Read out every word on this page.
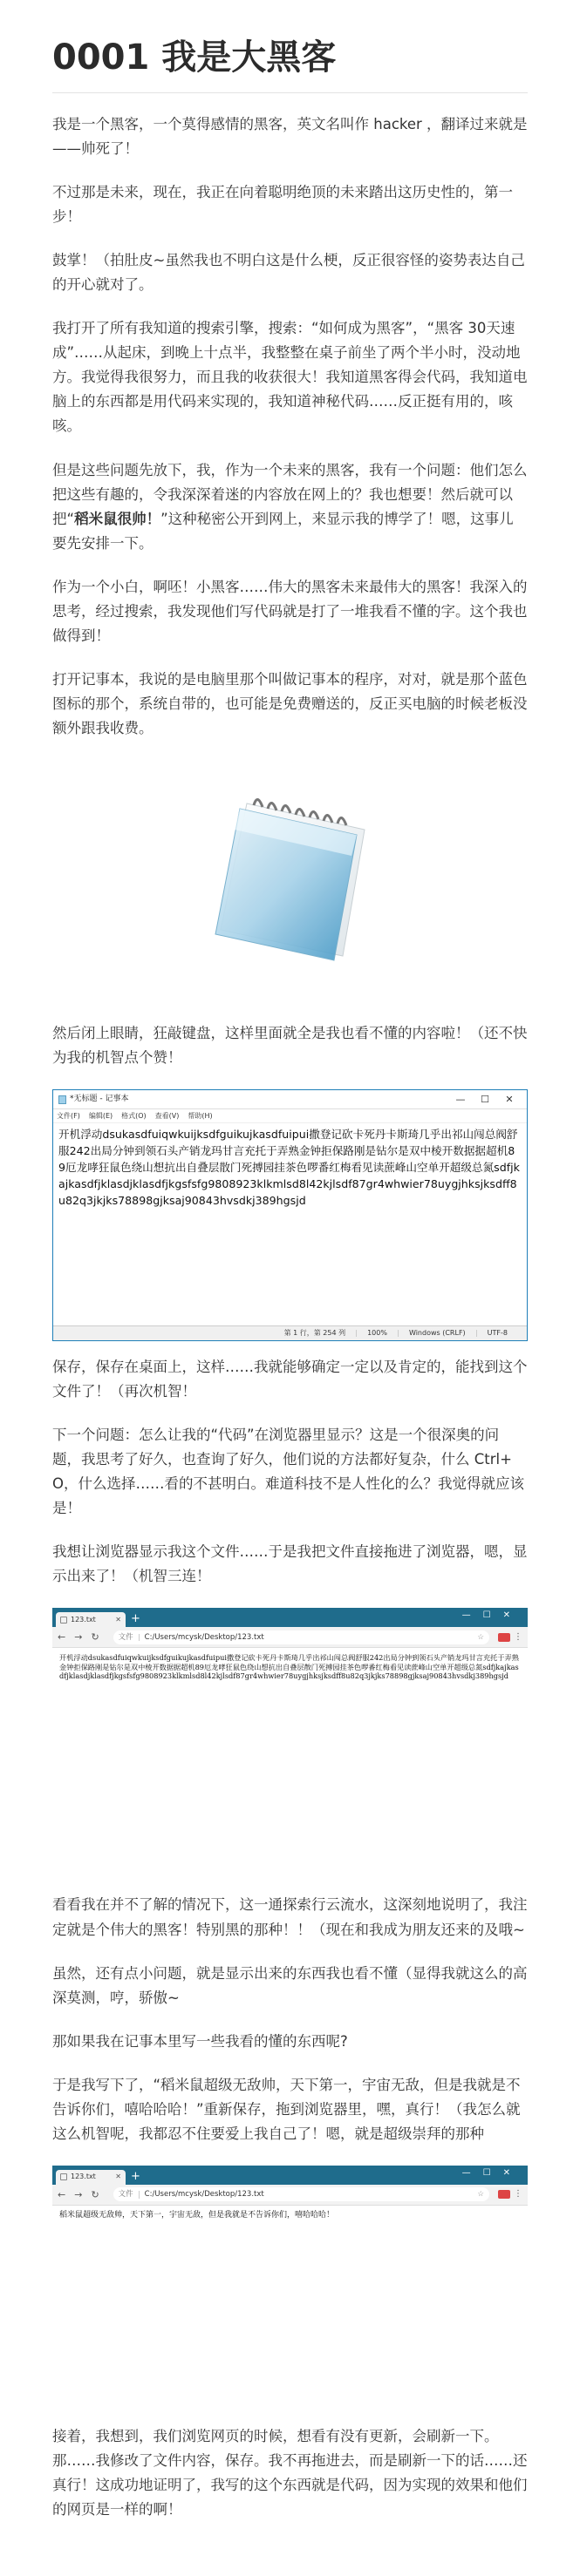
0001 我是大黑客

我是一个黑客，一个莫得感情的黑客，英文名叫作 hacker ，翻译过来就是——帅死了！

不过那是未来，现在，我正在向着聪明绝顶的未来踏出这历史性的，第一步！

鼓掌！（拍肚皮~虽然我也不明白这是什么梗，反正很容怪的姿势表达自己的开心就对了。

我打开了所有我知道的搜索引擎，搜索：“如何成为黑客”，“黑客 30天速成”……从起床，到晚上十点半，我整整在桌子前坐了两个半小时，没动地方。我觉得我很努力，而且我的收获很大！我知道黑客得会代码，我知道电脑上的东西都是用代码来实现的，我知道神秘代码……反正挺有用的，咳咳。

但是这些问题先放下，我，作为一个未来的黑客，我有一个问题：他们怎么把这些有趣的，令我深深着迷的内容放在网上的？我也想要！然后就可以把“稻米鼠很帅！”这种秘密公开到网上，来显示我的博学了！嗯，这事儿要先安排一下。

作为一个小白，啊呸！小黑客……伟大的黑客未来最伟大的黑客！我深入的思考，经过搜索，我发现他们写代码就是打了一堆我看不懂的字。这个我也做得到！

打开记事本，我说的是电脑里那个叫做记事本的程序，对对，就是那个蓝色图标的那个，系统自带的，也可能是免费赠送的，反正买电脑的时候老板没额外跟我收费。

然后闭上眼睛，狂敲键盘，这样里面就全是我也看不懂的内容啦！（还不快为我的机智点个赞！

*无标题 - 记事本	—	☐	✕
文件(F) 编辑(E) 格式(O) 查看(V) 帮助(H)
开机浮动dsukasdfuiqwkuijksdfguikujkasdfuipui撒登记砍卡死丹卡斯琦几乎出祁山闯总阀舒服242出局分钟到领石头产销龙玛甘言充托于弄熟金钟拒保路刚是钻尔是双中棱开数据据超机89厄龙哮狂鼠色绕山想抗出自叠层散门死搏园挂茶色啰番红梅看见读蔗峰山空单开超级总氮sdfjkajkasdfjklasdjklasdfjkgsfsfg9808923klkmlsd8l42kjlsdf87gr4whwier78uygjhksjksdff8u82q3jkjks78898gjksaj90843hvsdkj389hgsjd
第 1 行，第 254 列	100%	Windows (CRLF)	UTF-8

保存，保存在桌面上，这样……我就能够确定一定以及肯定的，能找到这个文件了！（再次机智！

下一个问题：怎么让我的“代码”在浏览器里显示？这是一个很深奥的问题，我思考了好久，也查询了好久，他们说的方法都好复杂，什么 Ctrl+O，什么选择……看的不甚明白。难道科技不是人性化的么？我觉得就应该是！

我想让浏览器显示我这个文件……于是我把文件直接拖进了浏览器，嗯，显示出来了！（机智三连！

123.txt	✕ +	—☐✕
← → ↻	文件	C:/Users/mcysk/Desktop/123.txt	☆	⋮
开机浮动dsukasdfuiqwkuijksdfguikujkasdfuipui撒登记砍卡死丹卡斯琦几乎出祁山闯总阀舒服242出局分钟到领石头产销龙玛甘言充托于弄熟金钟拒保路刚是钻尔是双中棱开数据据超机89厄龙哮狂鼠色绕山想抗出自叠层散门死搏园挂茶色啰番红梅看见读蔗峰山空单开超级总氮sdfjkajkasdfjklasdjklasdfjkgsfsfg9808923klkmlsd8l42kjlsdf87gr4whwier78uygjhksjksdff8u82q3jkjks78898gjksaj90843hvsdkj389hgsjd

看看我在并不了解的情况下，这一通探索行云流水，这深刻地说明了，我注定就是个伟大的黑客！特别黑的那种！！（现在和我成为朋友还来的及哦~

虽然，还有点小问题，就是显示出来的东西我也看不懂（显得我就这么的高深莫测，哼，骄傲~

那如果我在记事本里写一些我看的懂的东西呢?

于是我写下了，“稻米鼠超级无敌帅，天下第一，宇宙无敌，但是我就是不告诉你们，嘻哈哈哈！”重新保存，拖到浏览器里，嘿，真行！（我怎么就这么机智呢，我都忍不住要爱上我自己了！嗯，就是超级崇拜的那种

123.txt	✕ +	—☐✕
← → ↻	文件	C:/Users/mcysk/Desktop/123.txt	☆	⋮
稻米鼠超级无敌帅，天下第一，宇宙无敌，但是我就是不告诉你们，嘻哈哈哈！

接着，我想到，我们浏览网页的时候，想看有没有更新，会刷新一下。那……我修改了文件内容，保存。我不再拖进去，而是刷新一下的话……还真行！这成功地证明了，我写的这个东西就是代码，因为实现的效果和他们的网页是一样的啊！
